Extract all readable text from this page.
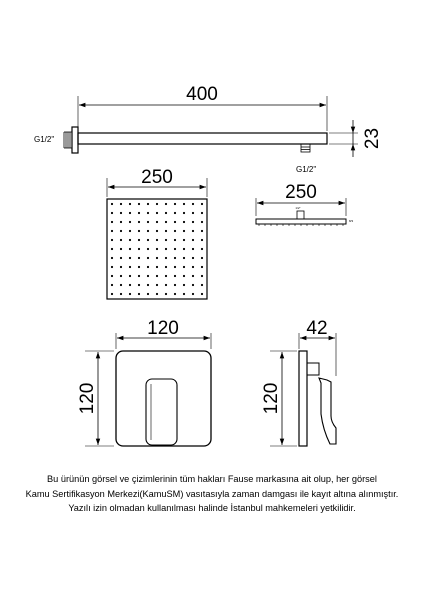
400
23
G1/2"
G1/2"
250
250
1/2"
8/3
120
120
42
120
Bu ürünün görsel ve çizimlerinin tüm hakları Fause markasına ait olup, her görsel
Kamu Sertifikasyon Merkezi(KamuSM) vasıtasıyla zaman damgası ile kayıt altına alınmıştır.
Yazılı izin olmadan kullanılması halinde İstanbul mahkemeleri yetkilidir.
